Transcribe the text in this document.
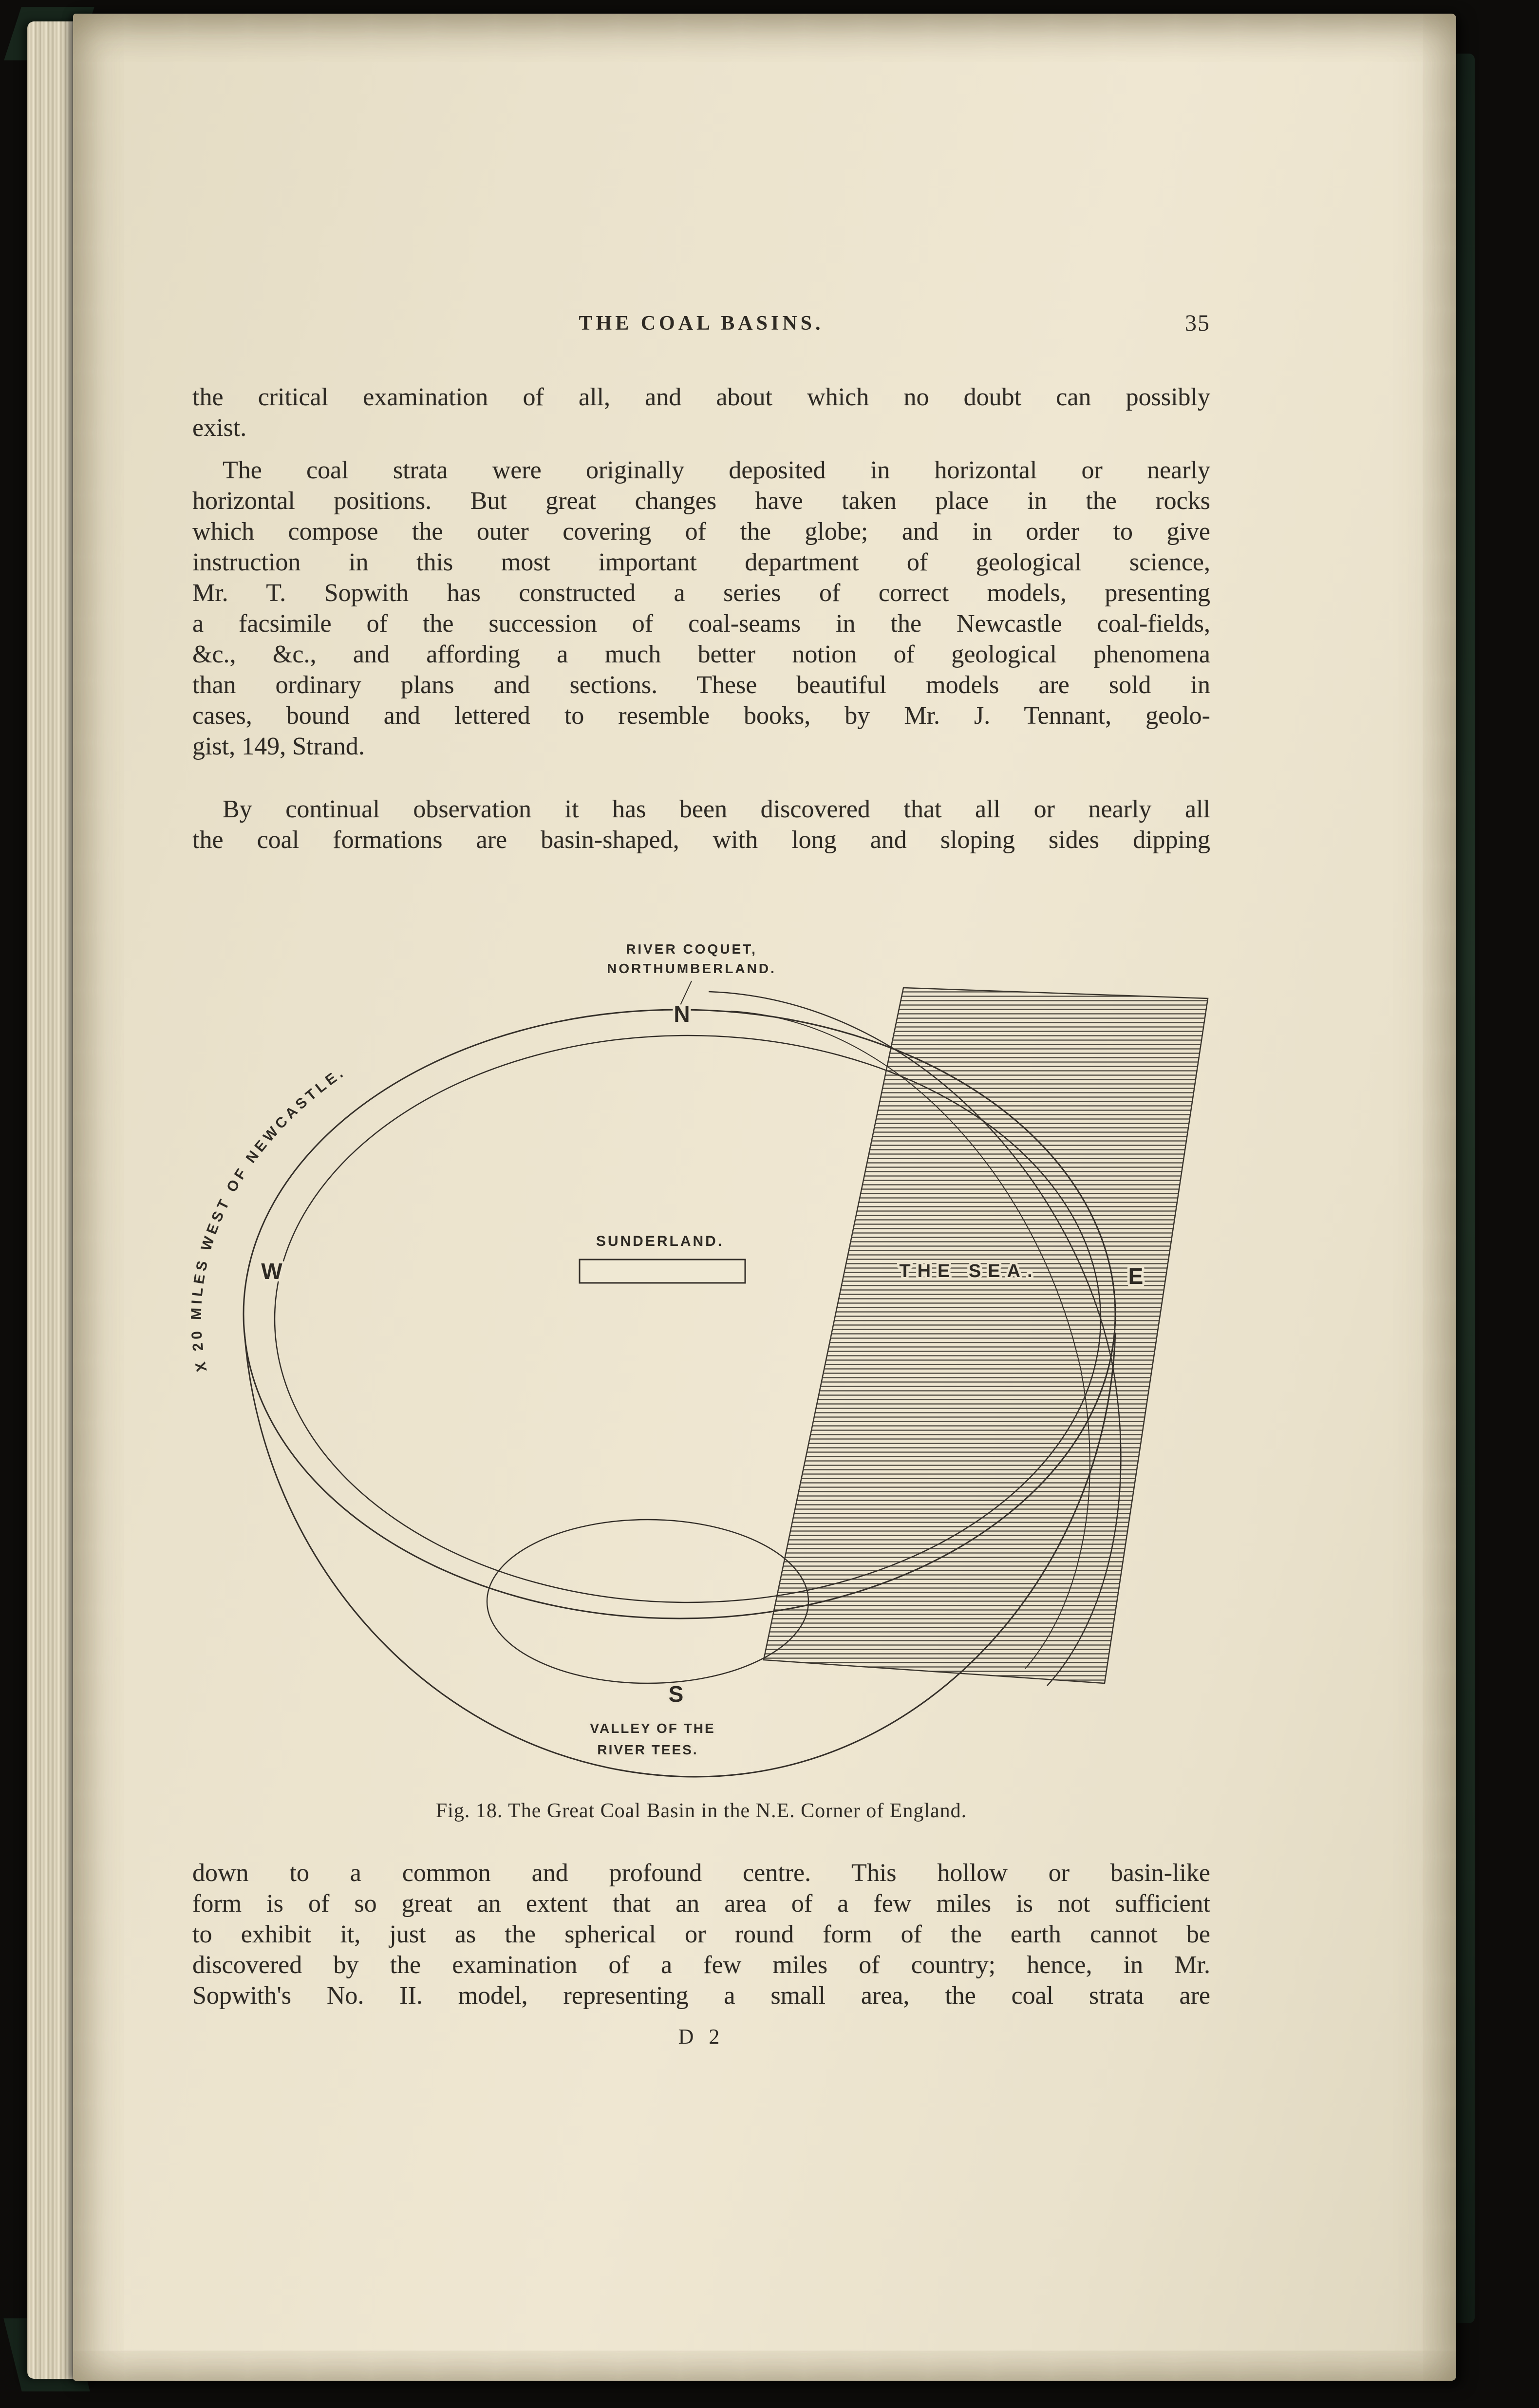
THE COAL BASINS.	35
the critical examination of all, and about which no doubt can possibly
exist.
The coal strata were originally deposited in horizontal or nearly
horizontal positions. But great changes have taken place in the rocks
which compose the outer covering of the globe; and in order to give
instruction in this most important department of geological science,
Mr. T. Sopwith has constructed a series of correct models, presenting
a facsimile of the succession of coal-seams in the Newcastle coal-fields,
&c., &c., and affording a much better notion of geological phenomena
than ordinary plans and sections. These beautiful models are sold in
cases, bound and lettered to resemble books, by Mr. J. Tennant, geolo-
gist, 149, Strand.
By continual observation it has been discovered that all or nearly all
the coal formations are basin-shaped, with long and sloping sides dipping
RIVER COQUET,
NORTHUMBERLAND.
N
W	E
S
X 20 MILES WEST OF NEWCASTLE.
SUNDERLAND.
THE SEA.
VALLEY OF THE
RIVER TEES.
Fig. 18. The Great Coal Basin in the N.E. Corner of England.
down to a common and profound centre. This hollow or basin-like
form is of so great an extent that an area of a few miles is not sufficient
to exhibit it, just as the spherical or round form of the earth cannot be
discovered by the examination of a few miles of country; hence, in Mr.
Sopwith's No. II. model, representing a small area, the coal strata are
D 2
